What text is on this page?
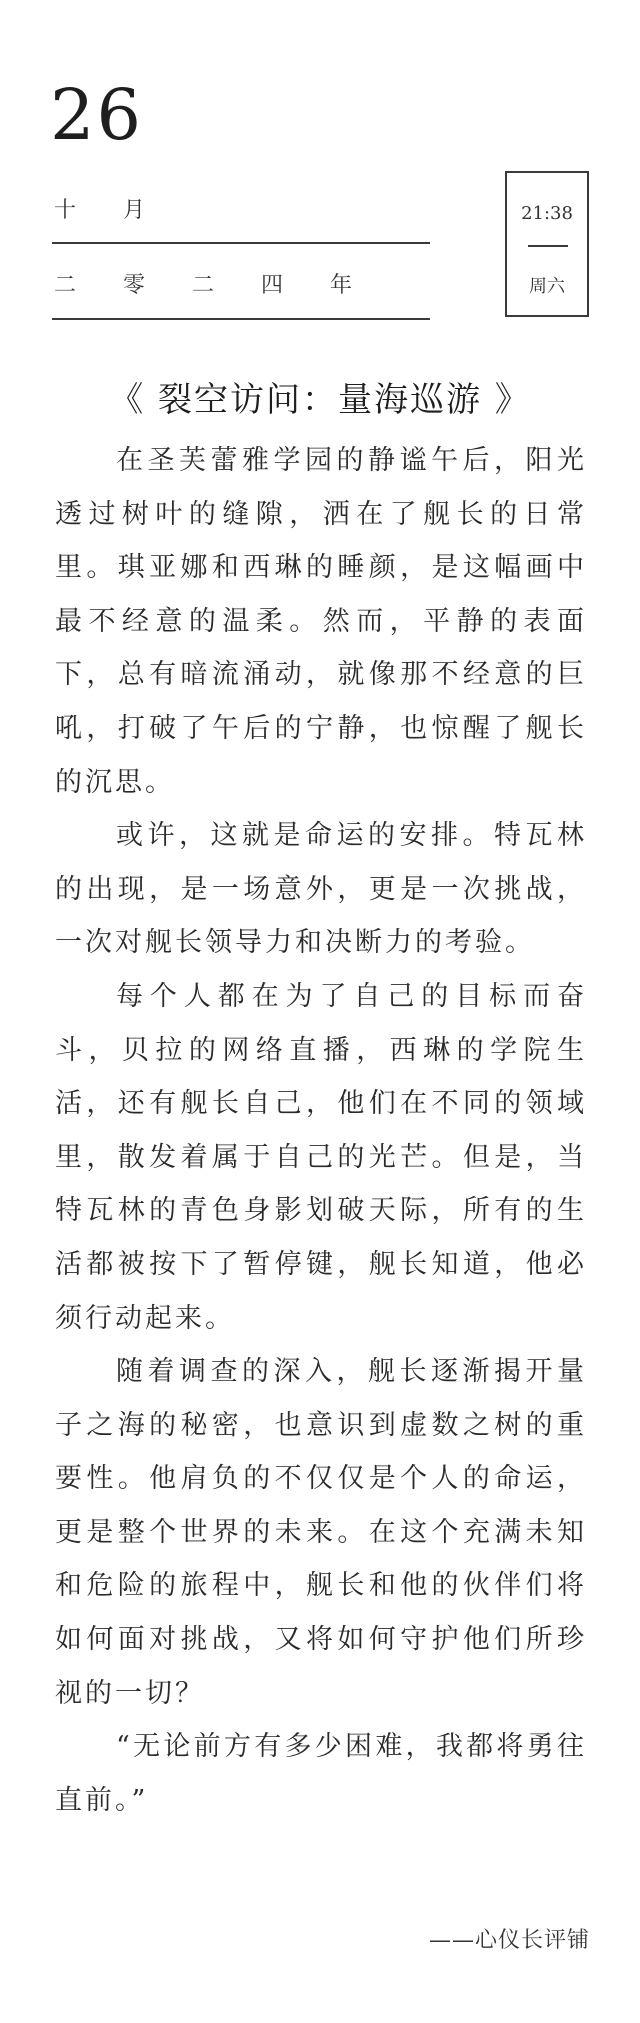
26
十 月
二 零 二 四 年
21:38
周六
《 裂空访问：量海巡游 》

在圣芙蕾雅学园的静谧午后，阳光透过树叶的缝隙，洒在了舰长的日常里。琪亚娜和西琳的睡颜，是这幅画中最不经意的温柔。然而，平静的表面下，总有暗流涌动，就像那不经意的巨吼，打破了午后的宁静，也惊醒了舰长的沉思。

或许，这就是命运的安排。特瓦林的出现，是一场意外，更是一次挑战，一次对舰长领导力和决断力的考验。

每个人都在为了自己的目标而奋斗，贝拉的网络直播，西琳的学院生活，还有舰长自己，他们在不同的领域里，散发着属于自己的光芒。但是，当特瓦林的青色身影划破天际，所有的生活都被按下了暂停键，舰长知道，他必须行动起来。

随着调查的深入，舰长逐渐揭开量子之海的秘密，也意识到虚数之树的重要性。他肩负的不仅仅是个人的命运，更是整个世界的未来。在这个充满未知和危险的旅程中，舰长和他的伙伴们将如何面对挑战，又将如何守护他们所珍视的一切？

“无论前方有多少困难，我都将勇往直前。”

——心仪长评铺
